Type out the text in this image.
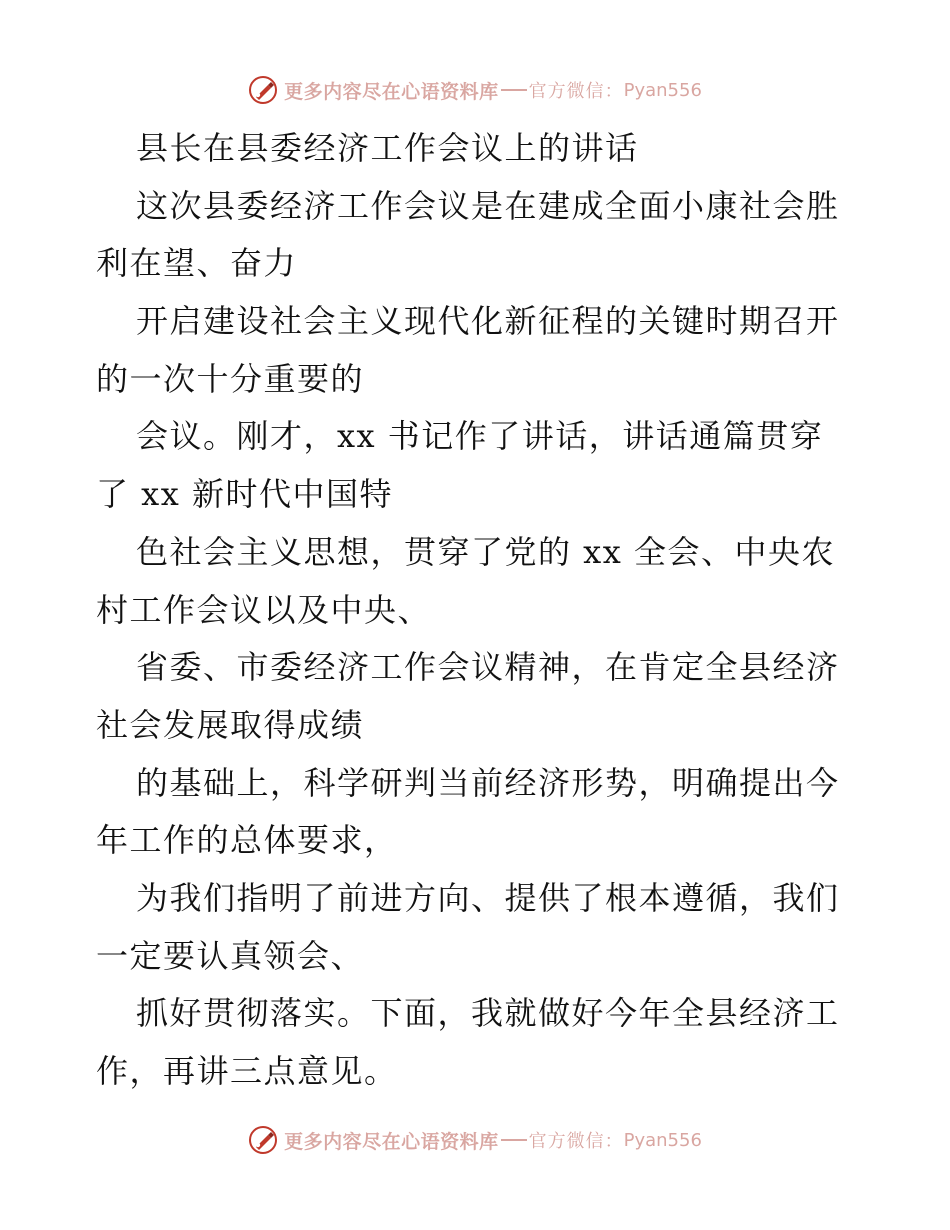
更多内容尽在心语资料库 官方微信： Pyan556
县长在县委经济工作会议上的讲话
这次县委经济工作会议是在建成全面小康社会胜
利在望、奋力
开启建设社会主义现代化新征程的关键时期召开
的一次十分重要的
会议。刚才，xx 书记作了讲话，讲话通篇贯穿
了 xx 新时代中国特
色社会主义思想，贯穿了党的 xx 全会、中央农
村工作会议以及中央、
省委、市委经济工作会议精神，在肯定全县经济
社会发展取得成绩
的基础上，科学研判当前经济形势，明确提出今
年工作的总体要求，
为我们指明了前进方向、提供了根本遵循，我们
一定要认真领会、
抓好贯彻落实。下面，我就做好今年全县经济工
作，再讲三点意见。
更多内容尽在心语资料库 官方微信： Pyan556
